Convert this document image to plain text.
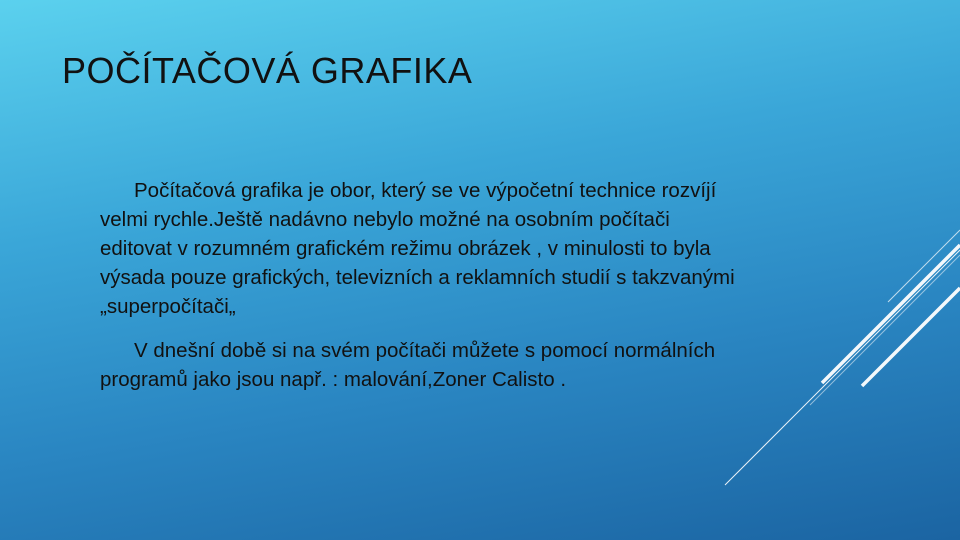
POČÍTAČOVÁ GRAFIKA

Počítačová grafika je obor, který se ve výpočetní technice rozvíjí velmi rychle.Ještě nadávno nebylo možné na osobním počítači editovat v rozumném grafickém režimu obrázek , v minulosti to byla výsada pouze grafických, televizních a reklamních studií s takzvanými „superpočítači„

V dnešní době si na svém počítači můžete s pomocí normálních programů jako jsou např. : malování,Zoner Calisto .
